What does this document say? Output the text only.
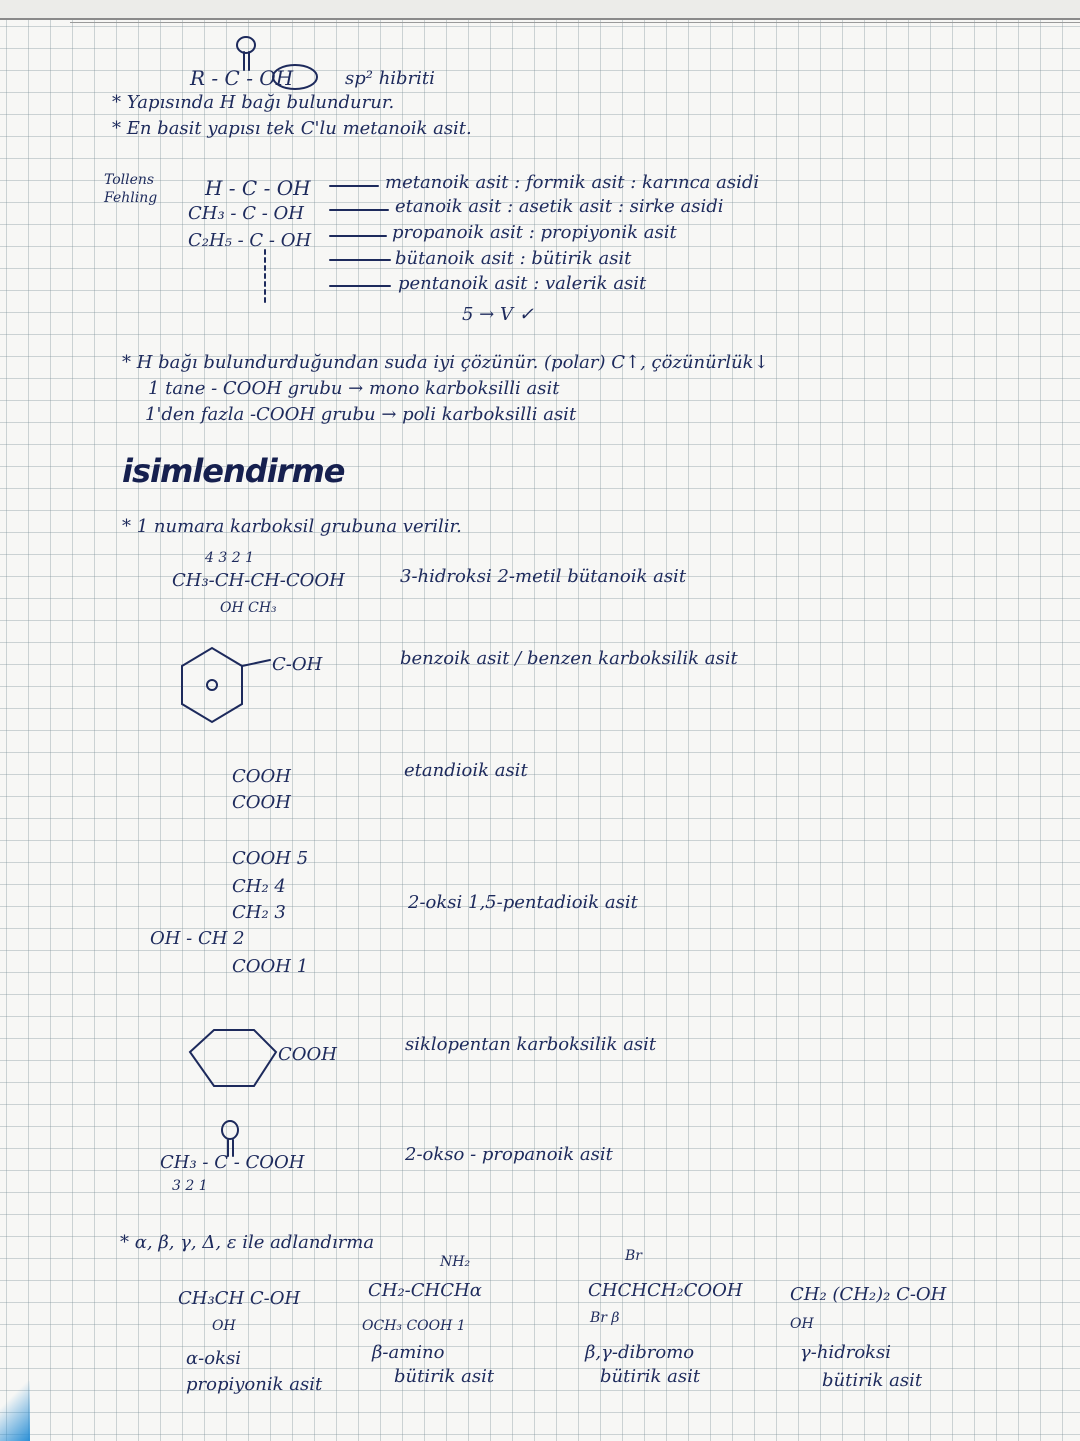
R - C - OH	sp² hibriti
* Yapısında H bağı bulundurur.
* En basit yapısı tek C'lu metanoik asit.
Tollens
Fehling H - C - OH	metanoik asit : formik asit : karınca asidi
CH₃ - C - OH	etanoik asit : asetik asit : sirke asidi
C₂H₅ - C - OH	propanoik asit : propiyonik asit
bütanoik asit : bütirik asit
pentanoik asit : valerik asit
5 → V ✓
* H bağı bulundurduğundan suda iyi çözünür. (polar) C↑, çözünürlük↓
1 tane - COOH grubu → mono karboksilli asit
1'den fazla -COOH grubu → poli karboksilli asit
isimlendirme
* 1 numara karboksil grubuna verilir.
4 3 2 1
CH₃-CH-CH-COOH
OH CH₃
3-hidroksi 2-metil bütanoik asit
C-OH	benzoik asit / benzen karboksilik asit
COOH
COOH
etandioik asit
COOH 5
CH₂ 4
CH₂ 3
OH - CH 2
COOH 1
2-oksi 1,5-pentadioik asit
COOH	siklopentan karboksilik asit
CH₃ - C - COOH
3 2 1
2-okso - propanoik asit
* α, β, γ, Δ, ε ile adlandırma
CH₃CH C-OH
OH
α-oksi
propiyonik asit
NH₂
CH₂-CHCHα
OCH₃ COOH 1
β-amino
bütirik asit
Br
CHCHCH₂COOH
Br β
β,γ-dibromo
bütirik asit
CH₂ (CH₂)₂ C-OH
OH
γ-hidroksi
bütirik asit
